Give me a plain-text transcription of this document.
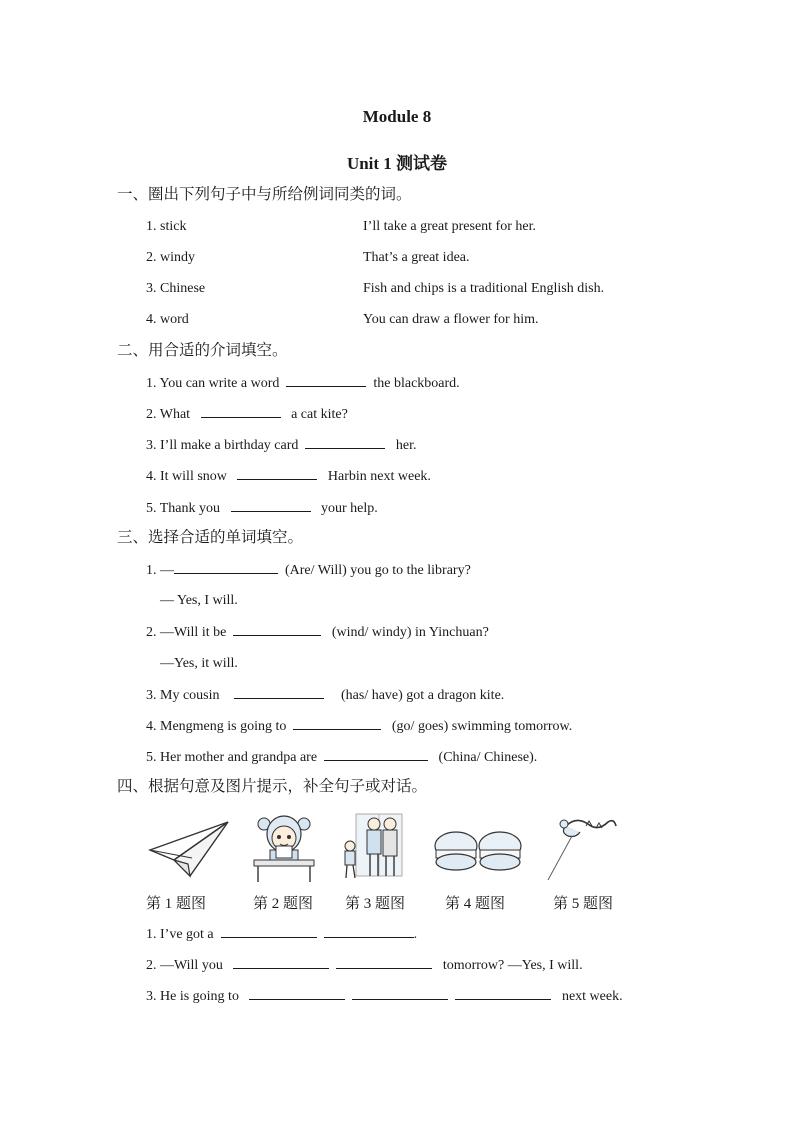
Module 8
Unit 1 测试卷
一、圈出下列句子中与所给例词同类的词。
1. stick	I’ll take a great present for her.
2. windy	That’s a great idea.
3. Chinese	Fish and chips is a traditional English dish.
4. word	You can draw a flower for him.
二、用合适的介词填空。
1. You can write a word	the blackboard.
2. What	a cat kite?
3. I’ll make a birthday card	her.
4. It will snow	Harbin next week.
5. Thank you	your help.
三、选择合适的单词填空。
1. —	(Are/ Will) you go to the library?
— Yes, I will.
2. —Will it be	(wind/ windy) in Yinchuan?
—Yes, it will.
3. My cousin	(has/ have) got a dragon kite.
4. Mengmeng is going to	(go/ goes) swimming tomorrow.
5. Her mother and grandpa are	(China/ Chinese).
四、根据句意及图片提示，补全句子或对话。
第 1 题图	第 2 题图 第 3 题图	第 4 题图	第 5 题图
1. I’ve got a	.
2. —Will you	tomorrow? —Yes, I will.
3. He is going to	next week.
